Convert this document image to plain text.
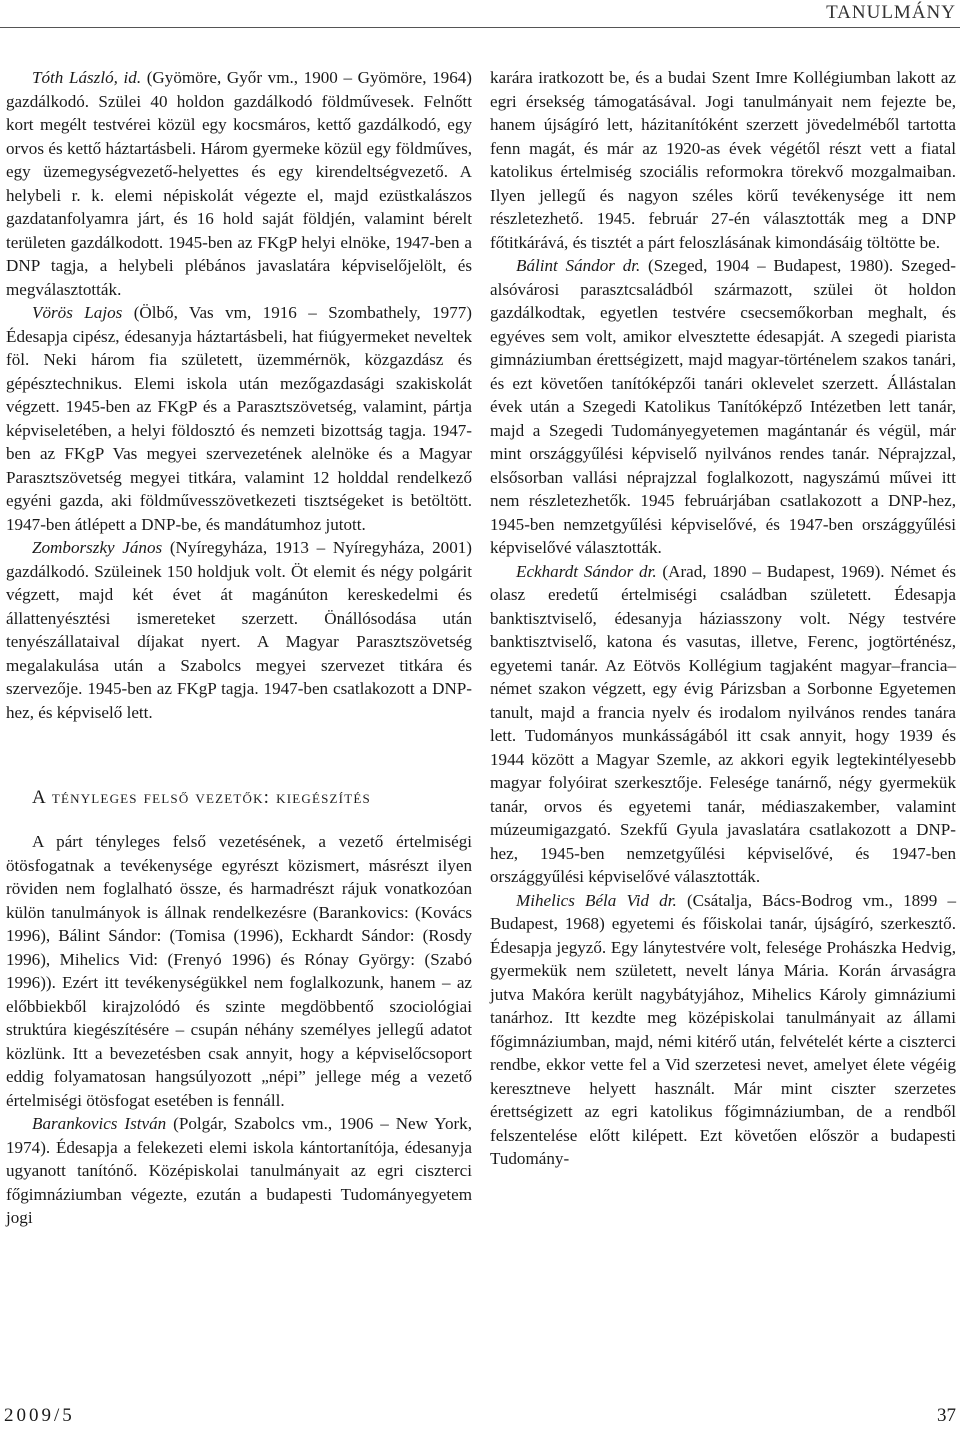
TANULMÁNY

Tóth László, id. (Gyömöre, Győr vm., 1900 – Gyömöre, 1964) gazdálkodó. Szülei 40 holdon gazdálkodó földművesek. Felnőtt kort megélt testvérei közül egy kocsmáros, kettő gazdálkodó, egy orvos és kettő háztartásbeli. Három gyermeke közül egy földműves, egy üzemegységvezető-helyettes és egy kirendeltségvezető. A helybeli r. k. elemi népiskolát végezte el, majd ezüstkalászos gazdatanfolyamra járt, és 16 hold saját földjén, valamint bérelt területen gazdálkodott. 1945-ben az FKgP helyi elnöke, 1947-ben a DNP tagja, a helybeli plébános javaslatára képviselőjelölt, és megválasztották.

Vörös Lajos (Ölbő, Vas vm, 1916 – Szombathely, 1977) Édesapja cipész, édesanyja háztartásbeli, hat fiúgyermeket neveltek föl. Neki három fia született, üzemmérnök, közgazdász és gépésztechnikus. Elemi iskola után mezőgazdasági szakiskolát végzett. 1945-ben az FKgP és a Parasztszövetség, valamint, pártja képviseletében, a helyi földosztó és nemzeti bizottság tagja. 1947-ben az FKgP Vas megyei szervezetének alelnöke és a Magyar Parasztszövetség megyei titkára, valamint 12 holddal rendelkező egyéni gazda, aki földművesszövetkezeti tisztségeket is betöltött. 1947-ben átlépett a DNP-be, és mandátumhoz jutott.

Zomborszky János (Nyíregyháza, 1913 – Nyíregyháza, 2001) gazdálkodó. Szüleinek 150 holdjuk volt. Öt elemit és négy polgárit végzett, majd két évet át magánúton kereskedelmi és állattenyésztési ismereteket szerzett. Önállósodása után tenyészállataival díjakat nyert. A Magyar Parasztszövetség megalakulása után a Szabolcs megyei szervezet titkára és szervezője. 1945-ben az FKgP tagja. 1947-ben csatlakozott a DNP-hez, és képviselő lett.

A tényleges felső vezetők: kiegészítés

A párt tényleges felső vezetésének, a vezető értelmiségi ötösfogatnak a tevékenysége egyrészt közismert, másrészt ilyen röviden nem foglalható össze, és harmadrészt rájuk vonatkozóan külön tanulmányok is állnak rendelkezésre (Barankovics: (Kovács 1996), Bálint Sándor: (Tomisa (1996), Eckhardt Sándor: (Rosdy 1996), Mihelics Vid: (Frenyó 1996) és Rónay György: (Szabó 1996)). Ezért itt tevékenységükkel nem foglalkozunk, hanem – az előbbiekből kirajzolódó és szinte megdöbbentő szociológiai struktúra kiegészítésére – csupán néhány személyes jellegű adatot közlünk. Itt a bevezetésben csak annyit, hogy a képviselőcsoport eddig folyamatosan hangsúlyozott „népi” jellege még a vezető értelmiségi ötösfogat esetében is fennáll.

Barankovics István (Polgár, Szabolcs vm., 1906 – New York, 1974). Édesapja a felekezeti elemi iskola kántortanítója, édesanyja ugyanott tanítónő. Középiskolai tanulmányait az egri ciszterci főgimnáziumban végezte, ezután a budapesti Tudományegyetem jogi

karára iratkozott be, és a budai Szent Imre Kollégiumban lakott az egri érsekség támogatásával. Jogi tanulmányait nem fejezte be, hanem újságíró lett, házitanítóként szerzett jövedelméből tartotta fenn magát, és már az 1920-as évek végétől részt vett a fiatal katolikus értelmiség szociális reformokra törekvő mozgalmaiban. Ilyen jellegű és nagyon széles körű tevékenysége itt nem részletezhető. 1945. február 27-én választották meg a DNP főtitkárává, és tisztét a párt feloszlásának kimondásáig töltötte be.

Bálint Sándor dr. (Szeged, 1904 – Budapest, 1980). Szeged-alsóvárosi parasztcsaládból származott, szülei öt holdon gazdálkodtak, egyetlen testvére csecsemőkorban meghalt, és egyéves sem volt, amikor elvesztette édesapját. A szegedi piarista gimnáziumban érettségizett, majd magyar-történelem szakos tanári, és ezt követően tanítóképzői tanári oklevelet szerzett. Állástalan évek után a Szegedi Katolikus Tanítóképző Intézetben lett tanár, majd a Szegedi Tudományegyetemen magántanár és végül, már mint országgyűlési képviselő nyilvános rendes tanár. Néprajzzal, elsősorban vallási néprajzzal foglalkozott, nagyszámú művei itt nem részletezhetők. 1945 februárjában csatlakozott a DNP-hez, 1945-ben nemzetgyűlési képviselővé, és 1947-ben országgyűlési képviselővé választották.

Eckhardt Sándor dr. (Arad, 1890 – Budapest, 1969). Német és olasz eredetű értelmiségi családban született. Édesapja banktisztviselő, édesanyja háziasszony volt. Négy testvére banktisztviselő, katona és vasutas, illetve, Ferenc, jogtörténész, egyetemi tanár. Az Eötvös Kollégium tagjaként magyar–francia–német szakon végzett, egy évig Párizsban a Sorbonne Egyetemen tanult, majd a francia nyelv és irodalom nyilvános rendes tanára lett. Tudományos munkásságából itt csak annyit, hogy 1939 és 1944 között a Magyar Szemle, az akkori egyik legtekintélyesebb magyar folyóirat szerkesztője. Felesége tanárnő, négy gyermekük tanár, orvos és egyetemi tanár, médiaszakember, valamint múzeumigazgató. Szekfű Gyula javaslatára csatlakozott a DNP-hez, 1945-ben nemzetgyűlési képviselővé, és 1947-ben országgyűlési képviselővé választották.

Mihelics Béla Vid dr. (Csátalja, Bács-Bodrog vm., 1899 – Budapest, 1968) egyetemi és főiskolai tanár, újságíró, szerkesztő. Édesapja jegyző. Egy lánytestvére volt, felesége Prohászka Hedvig, gyermekük nem született, nevelt lánya Mária. Korán árvaságra jutva Makóra került nagybátyjához, Mihelics Károly gimnáziumi tanárhoz. Itt kezdte meg középiskolai tanulmányait az állami főgimnáziumban, majd, némi kitérő után, felvételét kérte a ciszterci rendbe, ekkor vette fel a Vid szerzetesi nevet, amelyet élete végéig keresztneve helyett használt. Már mint ciszter szerzetes érettségizett az egri katolikus főgimnáziumban, de a rendből felszentelése előtt kilépett. Ezt követően először a budapesti Tudomány-

2009/5	37
